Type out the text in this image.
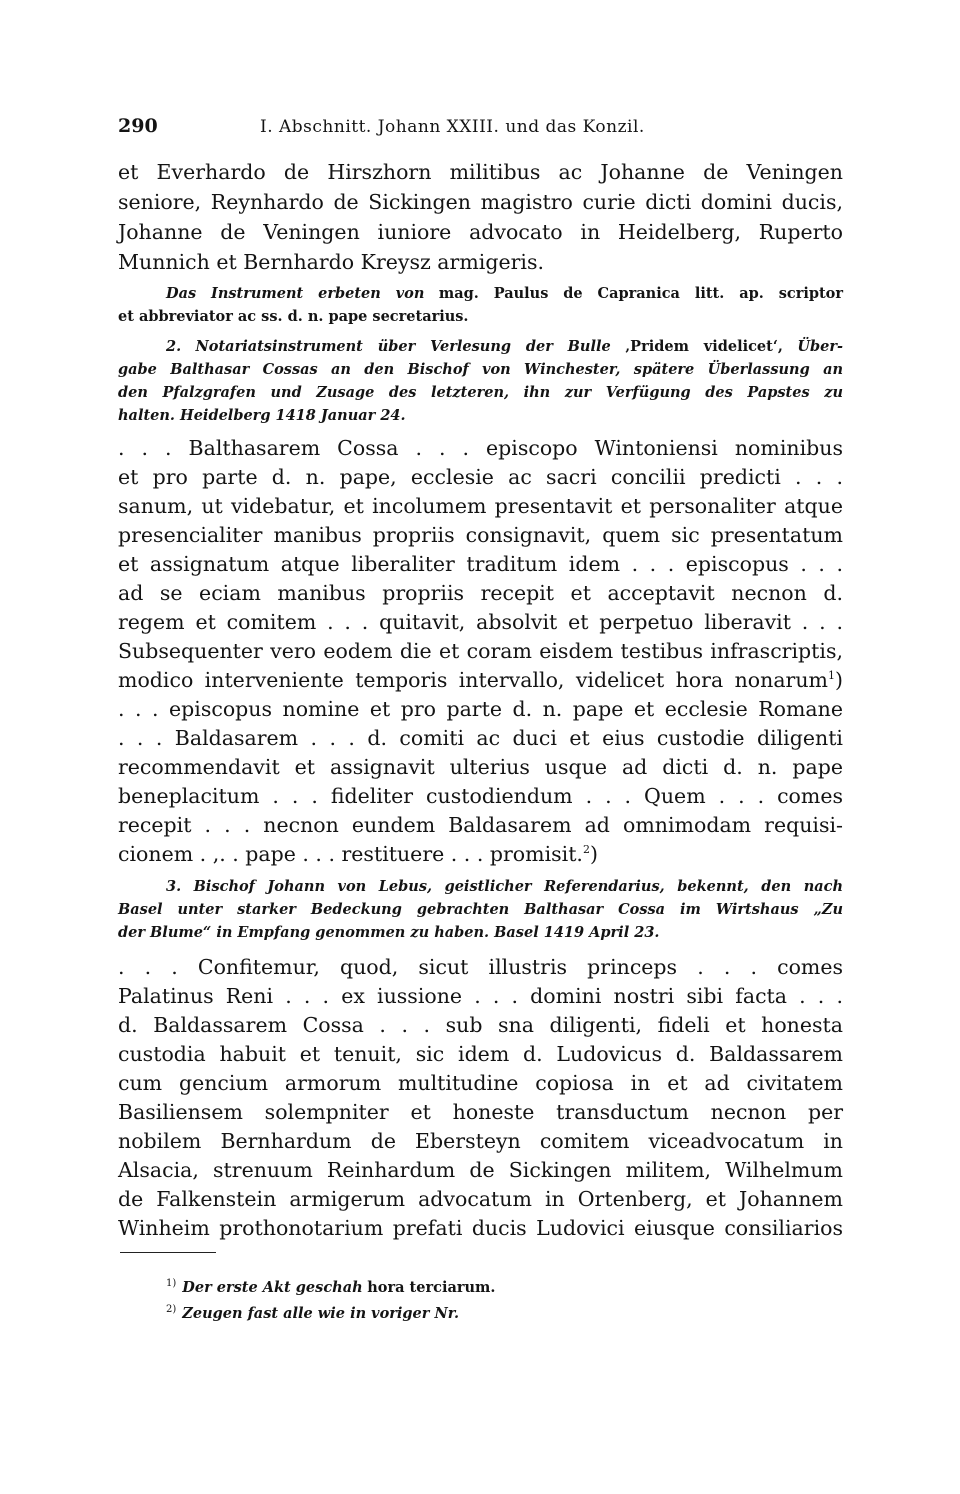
290	I. Abschnitt. Johann XXIII. und das Konzil.
et Everhardo de Hirszhorn militibus ac Johanne de Veningen
seniore, Reynhardo de Sickingen magistro curie dicti domini ducis,
Johanne de Veningen iuniore advocato in Heidelberg, Ruperto
Munnich et Bernhardo Kreysz armigeris.
Das Instrument erbeten von mag. Paulus de Capranica litt. ap. scriptor
et abbreviator ac ss. d. n. pape secretarius.
2. Notariatsinstrument über Verlesung der Bulle ‚Pridem videlicet‘, Über-
gabe Balthasar Cossas an den Bischof von Winchester, spätere Überlassung an
den Pfalzgrafen und Zusage des letzteren, ihn zur Verfügung des Papstes zu
halten. Heidelberg 1418 Januar 24.
. . . Balthasarem Cossa . . . episcopo Wintoniensi nominibus
et pro parte d. n. pape, ecclesie ac sacri concilii predicti . . .
sanum, ut videbatur, et incolumem presentavit et personaliter atque
presencialiter manibus propriis consignavit, quem sic presentatum
et assignatum atque liberaliter traditum idem . . . episcopus . . .
ad se eciam manibus propriis recepit et acceptavit necnon d.
regem et comitem . . . quitavit, absolvit et perpetuo liberavit . . .
Subsequenter vero eodem die et coram eisdem testibus infrascriptis,
modico interveniente temporis intervallo, videlicet hora nonarum$^1$)
. . . episcopus nomine et pro parte d. n. pape et ecclesie Romane
. . . Baldasarem . . . d. comiti ac duci et eius custodie diligenti
recommendavit et assignavit ulterius usque ad dicti d. n. pape
beneplacitum . . . fideliter custodiendum . . . Quem . . . comes
recepit . . . necnon eundem Baldasarem ad omnimodam requisi-
cionem . ,. . pape . . . restituere . . . promisit.$^2$)
3. Bischof Johann von Lebus, geistlicher Referendarius, bekennt, den nach
Basel unter starker Bedeckung gebrachten Balthasar Cossa im Wirtshaus „Zu
der Blume“ in Empfang genommen zu haben. Basel 1419 April 23.
. . . Confitemur, quod, sicut illustris princeps . . . comes
Palatinus Reni . . . ex iussione . . . domini nostri sibi facta . . .
d. Baldassarem Cossa . . . sub sna diligenti, fideli et honesta
custodia habuit et tenuit, sic idem d. Ludovicus d. Baldassarem
cum gencium armorum multitudine copiosa in et ad civitatem
Basiliensem solempniter et honeste transductum necnon per
nobilem Bernhardum de Ebersteyn comitem viceadvocatum in
Alsacia, strenuum Reinhardum de Sickingen militem, Wilhelmum
de Falkenstein armigerum advocatum in Ortenberg, et Johannem
Winheim prothonotarium prefati ducis Ludovici eiusque consiliarios
$^{1)}$ Der erste Akt geschah hora terciarum.
$^{2)}$ Zeugen fast alle wie in voriger Nr.
